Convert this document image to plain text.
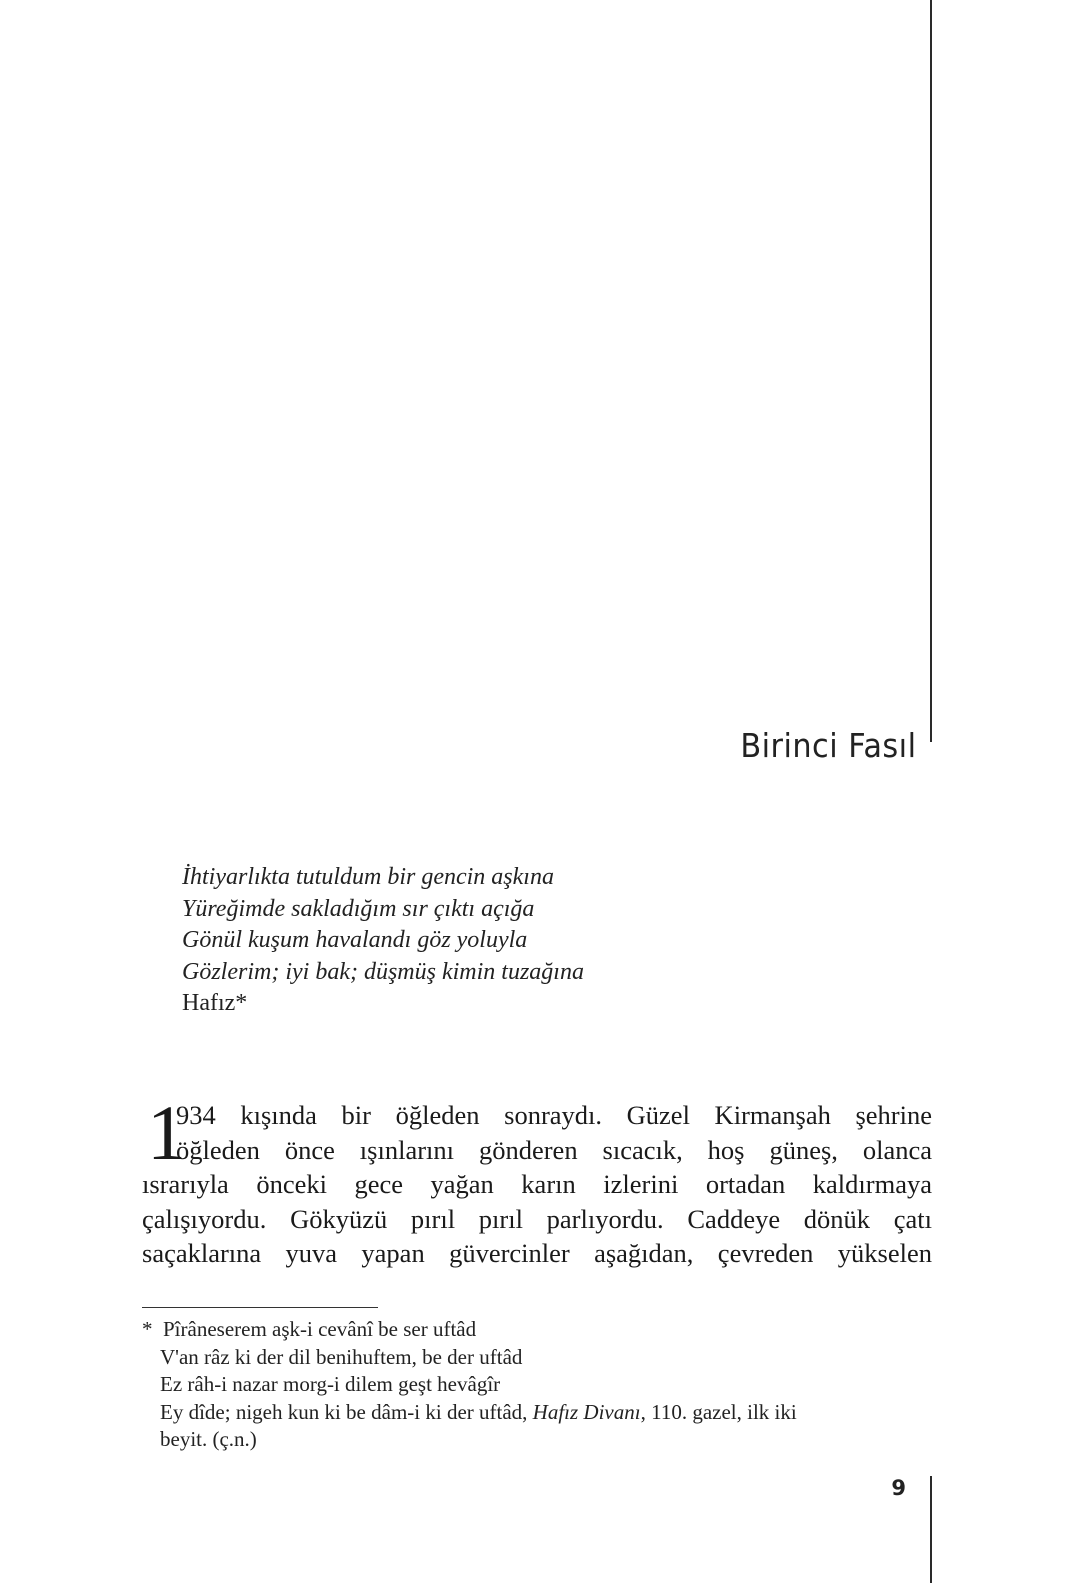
Birinci Fasıl
İhtiyarlıkta tutuldum bir gencin aşkına
Yüreğimde sakladığım sır çıktı açığa
Gönül kuşum havalandı göz yoluyla
Gözlerim; iyi bak; düşmüş kimin tuzağına
Hafız*
1
934 kışında bir öğleden sonraydı. Güzel Kirmanşah şehrine
öğleden önce ışınlarını gönderen sıcacık, hoş güneş, olanca
ısrarıyla önceki gece yağan karın izlerini ortadan kaldırmaya
çalışıyordu. Gökyüzü pırıl pırıl parlıyordu. Caddeye dönük çatı
saçaklarına yuva yapan güvercinler aşağıdan, çevreden yükselen
* Pîrâneserem aşk-i cevânî be ser uftâd
V'an râz ki der dil benihuftem, be der uftâd
Ez râh-i nazar morg-i dilem geşt hevâgîr
Ey dîde; nigeh kun ki be dâm-i ki der uftâd, Hafız Divanı, 110. gazel, ilk iki
beyit. (ç.n.)
9
